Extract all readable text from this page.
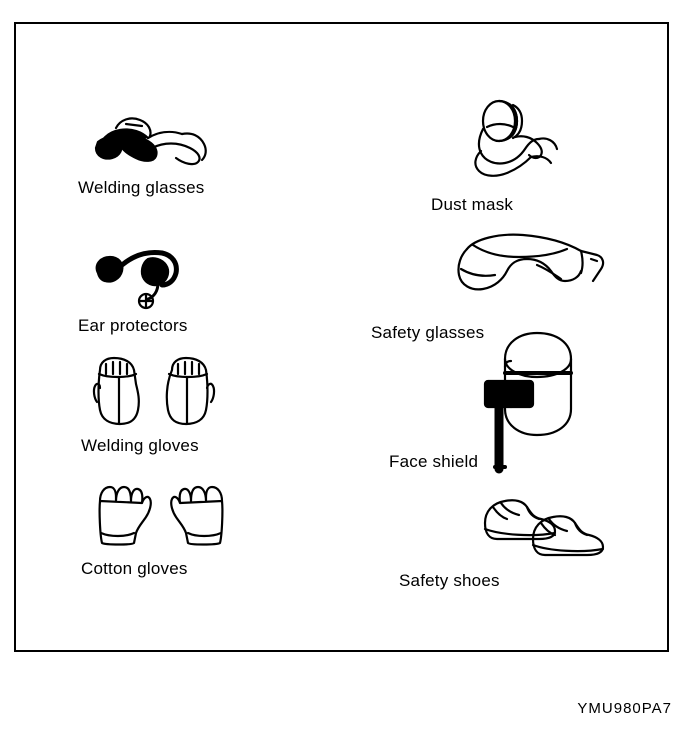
Welding glasses
Ear protectors
Welding gloves
Cotton gloves
Dust mask
Safety glasses
Face shield
Safety shoes
YMU980PA7
